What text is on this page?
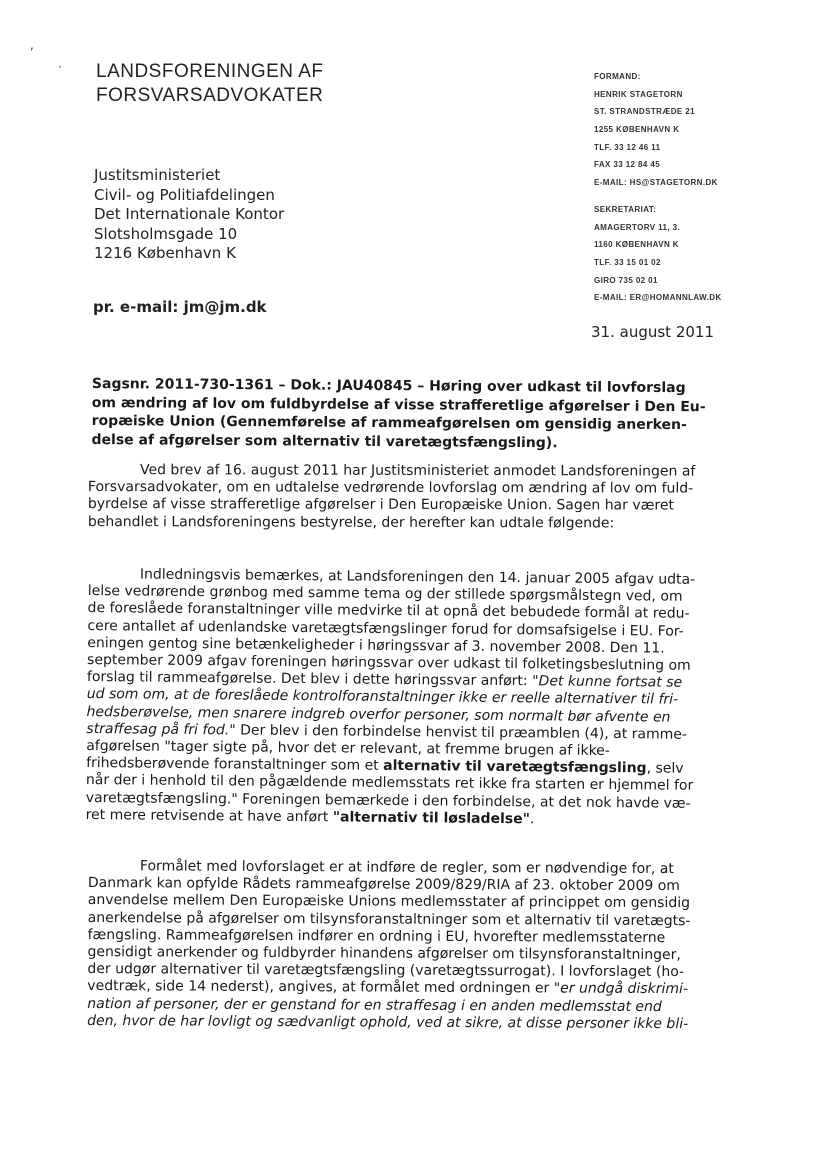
,
· LANDSFORENINGEN AF
FORSVARSADVOKATER
FORMAND:
HENRIK STAGETORN
ST. STRANDSTRÆDE 21
1255 KØBENHAVN K
TLF. 33 12 46 11
FAX 33 12 84 45
E-MAIL: HS@STAGETORN.DK
SEKRETARIAT:
AMAGERTORV 11, 3.
1160 KØBENHAVN K
TLF. 33 15 01 02
GIRO 735 02 01
E-MAIL: ER@HOMANNLAW.DK
Justitsministeriet
Civil- og Politiafdelingen
Det Internationale Kontor
Slotsholmsgade 10
1216 København K
pr. e-mail: jm@jm.dk
31. august 2011
Sagsnr. 2011-730-1361 – Dok.: JAU40845 – Høring over udkast til lovforslag
om ændring af lov om fuldbyrdelse af visse strafferetlige afgørelser i Den Eu-
ropæiske Union (Gennemførelse af rammeafgørelsen om gensidig anerken-
delse af afgørelser som alternativ til varetægtsfængsling).
Ved brev af 16. august 2011 har Justitsministeriet anmodet Landsforeningen af
Forsvarsadvokater, om en udtalelse vedrørende lovforslag om ændring af lov om fuld-
byrdelse af visse strafferetlige afgørelser i Den Europæiske Union. Sagen har været
behandlet i Landsforeningens bestyrelse, der herefter kan udtale følgende:
Indledningsvis bemærkes, at Landsforeningen den 14. januar 2005 afgav udta-
lelse vedrørende grønbog med samme tema og der stillede spørgsmålstegn ved, om
de foreslåede foranstaltninger ville medvirke til at opnå det bebudede formål at redu-
cere antallet af udenlandske varetægtsfængslinger forud for domsafsigelse i EU. For-
eningen gentog sine betænkeligheder i høringssvar af 3. november 2008. Den 11.
september 2009 afgav foreningen høringssvar over udkast til folketingsbeslutning om
forslag til rammeafgørelse. Det blev i dette høringssvar anført: "Det kunne fortsat se
ud som om, at de foreslåede kontrolforanstaltninger ikke er reelle alternativer til fri-
hedsberøvelse, men snarere indgreb overfor personer, som normalt bør afvente en
straffesag på fri fod." Der blev i den forbindelse henvist til præamblen (4), at ramme-
afgørelsen "tager sigte på, hvor det er relevant, at fremme brugen af ikke-
frihedsberøvende foranstaltninger som et alternativ til varetægtsfængsling, selv
når der i henhold til den pågældende medlemsstats ret ikke fra starten er hjemmel for
varetægtsfængsling." Foreningen bemærkede i den forbindelse, at det nok havde væ-
ret mere retvisende at have anført "alternativ til løsladelse".
Formålet med lovforslaget er at indføre de regler, som er nødvendige for, at
Danmark kan opfylde Rådets rammeafgørelse 2009/829/RIA af 23. oktober 2009 om
anvendelse mellem Den Europæiske Unions medlemsstater af princippet om gensidig
anerkendelse på afgørelser om tilsynsforanstaltninger som et alternativ til varetægts-
fængsling. Rammeafgørelsen indfører en ordning i EU, hvorefter medlemsstaterne
gensidigt anerkender og fuldbyrder hinandens afgørelser om tilsynsforanstaltninger,
der udgør alternativer til varetægtsfængsling (varetægtssurrogat). I lovforslaget (ho-
vedtræk, side 14 nederst), angives, at formålet med ordningen er "er undgå diskrimi-
nation af personer, der er genstand for en straffesag i en anden medlemsstat end
den, hvor de har lovligt og sædvanligt ophold, ved at sikre, at disse personer ikke bli-
